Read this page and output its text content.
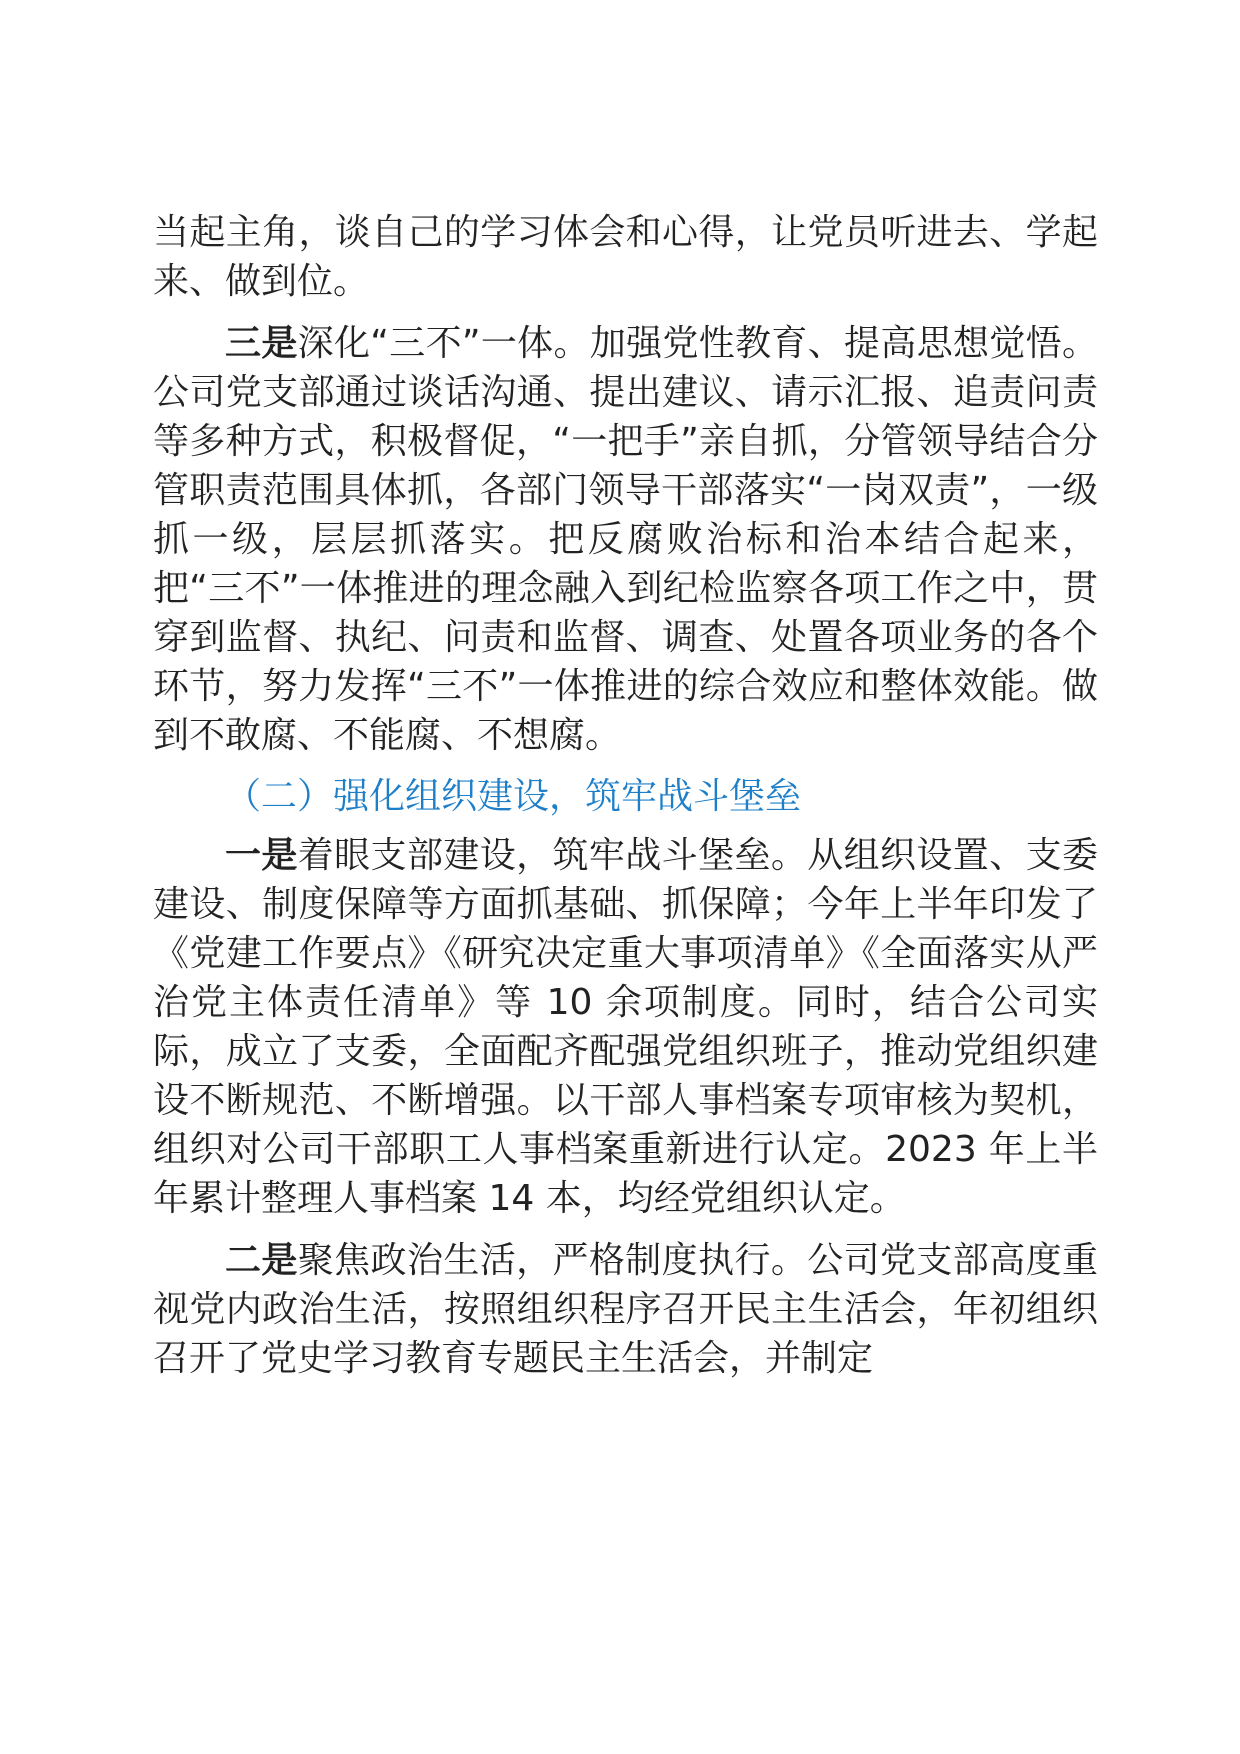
当起主角，谈自己的学习体会和心得，让党员听进去、学起来、做到位。

三是深化“三不”一体。加强党性教育、提高思想觉悟。公司党支部通过谈话沟通、提出建议、请示汇报、追责问责等多种方式，积极督促，“一把手”亲自抓，分管领导结合分管职责范围具体抓，各部门领导干部落实“一岗双责”，一级抓一级，层层抓落实。把反腐败治标和治本结合起来，把“三不”一体推进的理念融入到纪检监察各项工作之中，贯穿到监督、执纪、问责和监督、调查、处置各项业务的各个环节，努力发挥“三不”一体推进的综合效应和整体效能。做到不敢腐、不能腐、不想腐。

（二）强化组织建设，筑牢战斗堡垒

一是着眼支部建设，筑牢战斗堡垒。从组织设置、支委建设、制度保障等方面抓基础、抓保障；今年上半年印发了《党建工作要点》《研究决定重大事项清单》《全面落实从严治党主体责任清单》等 10 余项制度。同时，结合公司实际，成立了支委，全面配齐配强党组织班子，推动党组织建设不断规范、不断增强。以干部人事档案专项审核为契机，组织对公司干部职工人事档案重新进行认定。2023 年上半年累计整理人事档案 14 本，均经党组织认定。

二是聚焦政治生活，严格制度执行。公司党支部高度重视党内政治生活，按照组织程序召开民主生活会，年初组织召开了党史学习教育专题民主生活会，并制定
